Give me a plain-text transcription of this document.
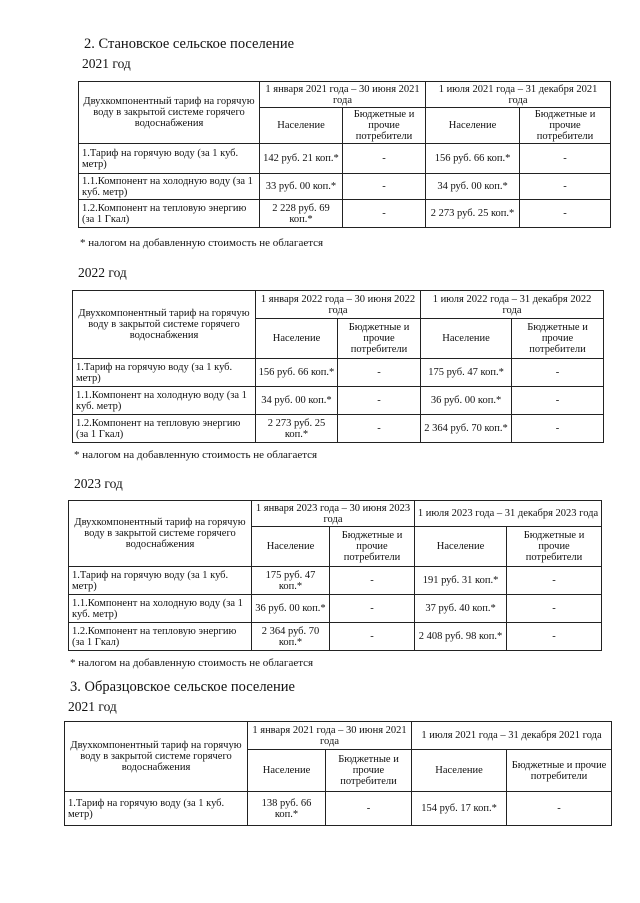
2. Становское сельское поселение
2021 год
Двухкомпонентный тариф на горячую воду в закрытой системе горячего водоснабжения	1 января 2021 года – 30 июня 2021 года		1 июля 2021 года – 31 декабря 2021 года	
	Население	Бюджетные и прочие потребители	Население	Бюджетные и прочие потребители
1.Тариф на горячую воду (за 1 куб. метр)	142 руб. 21 коп.*	-	156 руб. 66 коп.*	-
1.1.Компонент на холодную воду (за 1 куб. метр)	33 руб. 00 коп.*	-	34 руб. 00 коп.*	-
1.2.Компонент на тепловую энергию (за 1 Гкал)	2 228 руб. 69 коп.*	-	2 273 руб. 25 коп.*	-
* налогом на добавленную стоимость не облагается
2022 год
Двухкомпонентный тариф на горячую воду в закрытой системе горячего водоснабжения	1 января 2022 года – 30 июня 2022 года		1 июля 2022 года – 31 декабря 2022 года	
	Население	Бюджетные и прочие потребители	Население	Бюджетные и прочие потребители
1.Тариф на горячую воду (за 1 куб. метр)	156 руб. 66 коп.*	-	175 руб. 47 коп.*	-
1.1.Компонент на холодную воду (за 1 куб. метр)	34 руб. 00 коп.*	-	36 руб. 00 коп.*	-
1.2.Компонент на тепловую энергию (за 1 Гкал)	2 273 руб. 25 коп.*	-	2 364 руб. 70 коп.*	-
* налогом на добавленную стоимость не облагается
2023 год
Двухкомпонентный тариф на горячую воду в закрытой системе горячего водоснабжения	1 января 2023 года – 30 июня 2023 года		1 июля 2023 года – 31 декабря 2023 года	
	Население	Бюджетные и прочие потребители	Население	Бюджетные и прочие потребители
1.Тариф на горячую воду (за 1 куб. метр)	175 руб. 47 коп.*	-	191 руб. 31 коп.*	-
1.1.Компонент на холодную воду (за 1 куб. метр)	36 руб. 00 коп.*	-	37 руб. 40 коп.*	-
1.2.Компонент на тепловую энергию (за 1 Гкал)	2 364 руб. 70 коп.*	-	2 408 руб. 98 коп.*	-
* налогом на добавленную стоимость не облагается
3. Образцовское сельское поселение
2021 год
Двухкомпонентный тариф на горячую воду в закрытой системе горячего водоснабжения	1 января 2021 года – 30 июня 2021 года		1 июля 2021 года – 31 декабря 2021 года	
	Население	Бюджетные и прочие потребители	Население	Бюджетные и прочие потребители
1.Тариф на горячую воду (за 1 куб. метр)	138 руб. 66 коп.*	-	154 руб. 17 коп.*	-
